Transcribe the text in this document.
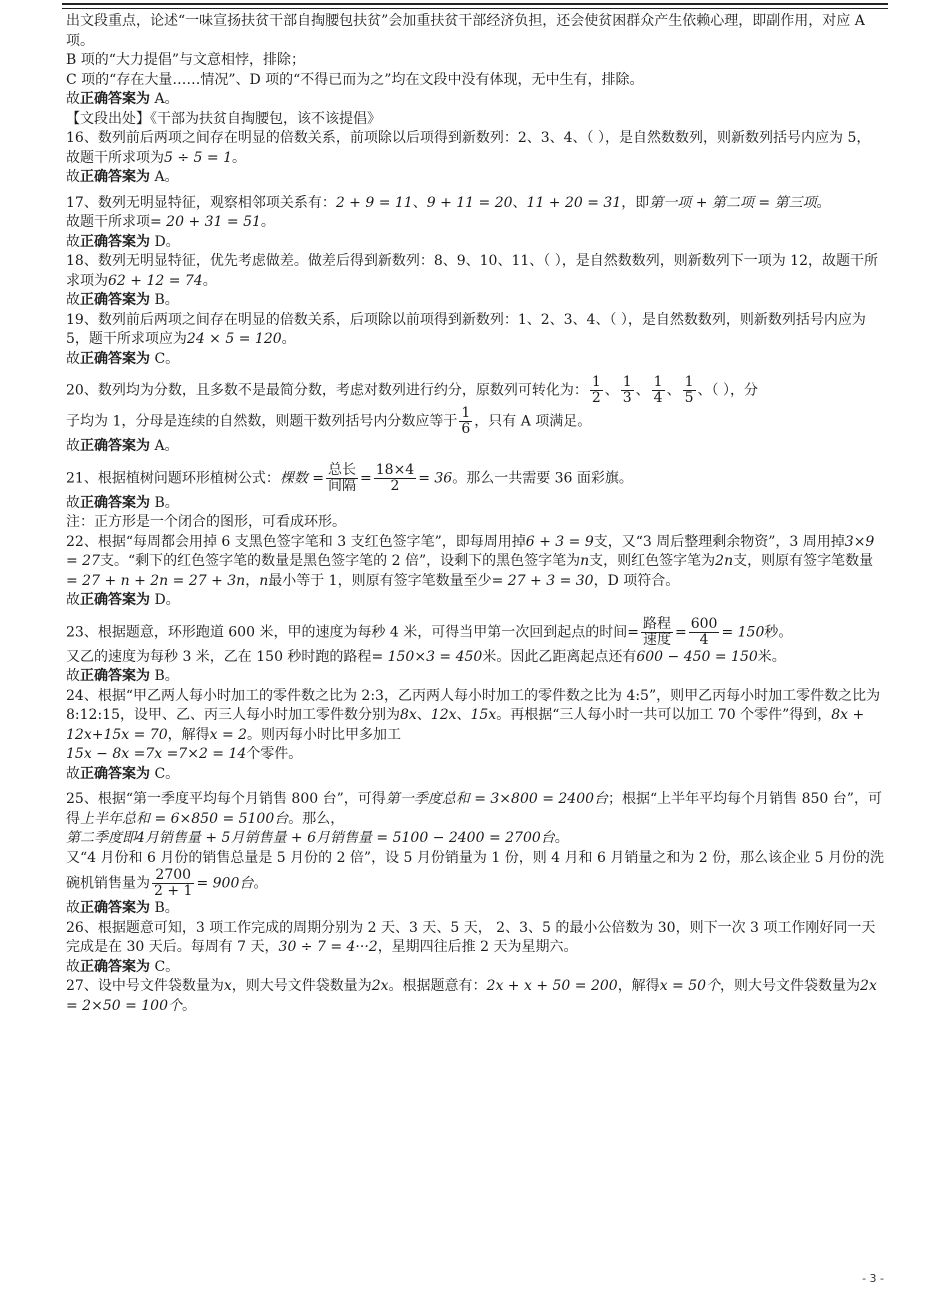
出文段重点，论述“一味宣扬扶贫干部自掏腰包扶贫”会加重扶贫干部经济负担，还会使贫困群众产生依赖心理，即副作用，对应 A 项。

B 项的“大力提倡”与文意相悖，排除；

C 项的“存在大量……情况”、D 项的“不得已而为之”均在文段中没有体现，无中生有，排除。

故正确答案为 A。

【文段出处】《干部为扶贫自掏腰包，该不该提倡》

16、数列前后两项之间存在明显的倍数关系，前项除以后项得到新数列：2、3、4、（ ），是自然数数列，则新数列括号内应为 5，故题干所求项为5 ÷ 5 = 1。

故正确答案为 A。

17、数列无明显特征，观察相邻项关系有：2 + 9 = 11、9 + 11 = 20、11 + 20 = 31，即第一项 + 第二项 = 第三项。

故题干所求项= 20 + 31 = 51。

故正确答案为 D。

18、数列无明显特征，优先考虑做差。做差后得到新数列：8、9、10、11、（ ），是自然数数列，则新数列下一项为 12，故题干所求项为62 + 12 = 74。

故正确答案为 B。

19、数列前后两项之间存在明显的倍数关系，后项除以前项得到新数列：1、2、3、4、（ ），是自然数数列，则新数列括号内应为 5，题干所求项应为24 × 5 = 120。

故正确答案为 C。

20、数列均为分数，且多数不是最简分数，考虑对数列进行约分，原数列可转化为： $\frac{1}{2}$ 、 $\frac{1}{3}$ 、 $\frac{1}{4}$ 、 $\frac{1}{5}$ 、（ ），分

子均为 1，分母是连续的自然数，则题干数列括号内分数应等于 $\frac{1}{6}$ ，只有 A 项满足。

故正确答案为 A。

21、根据植树问题环形植树公式：棵数 = $\frac{\text{总长}}{\text{间隔}} = \frac{18\times 4}{2} = 36$。那么一共需要 36 面彩旗。

故正确答案为 B。

注：正方形是一个闭合的图形，可看成环形。

22、根据“每周都会用掉 6 支黑色签字笔和 3 支红色签字笔”，即每周用掉6 + 3 = 9支，又“3 周后整理剩余物资”，3 周用掉3×9 = 27支。“剩下的红色签字笔的数量是黑色签字笔的 2 倍”，设剩下的黑色签字笔为n支，则红色签字笔为2n支，则原有签字笔数量= 27 + n + 2n = 27 + 3n，n最小等于 1，则原有签字笔数量至少= 27 + 3 = 30，D 项符合。

故正确答案为 D。

23、根据题意，环形跑道 600 米，甲的速度为每秒 4 米，可得当甲第一次回到起点的时间= $\frac{\text{路程}}{\text{速度}} = \frac{600}{4} = 150$秒。

又乙的速度为每秒 3 米，乙在 150 秒时跑的路程= 150×3 = 450米。因此乙距离起点还有600 − 450 = 150米。

故正确答案为 B。

24、根据“甲乙两人每小时加工的零件数之比为 2:3，乙丙两人每小时加工的零件数之比为 4:5”，则甲乙丙每小时加工零件数之比为 8:12:15，设甲、乙、丙三人每小时加工零件数分别为8x、12x、15x。再根据“三人每小时一共可以加工 70 个零件”得到，8x + 12x+15x = 70，解得x = 2。则丙每小时比甲多加工

15x − 8x =7x =7×2 = 14个零件。

故正确答案为 C。

25、根据“第一季度平均每个月销售 800 台”，可得第一季度总和 = 3×800 = 2400台；根据“上半年平均每个月销售 850 台”，可得上半年总和 = 6×850 = 5100台。那么，

第二季度即4月销售量 + 5月销售量 + 6月销售量 = 5100 − 2400 = 2700台。

又“4 月份和 6 月份的销售总量是 5 月份的 2 倍”，设 5 月份销量为 1 份，则 4 月和 6 月销量之和为 2 份，那么该企业 5 月份的洗碗机销售量为 $\frac{2700}{2 + 1} = 900$台。

故正确答案为 B。

26、根据题意可知，3 项工作完成的周期分别为 2 天、3 天、5 天， 2、3、5 的最小公倍数为 30，则下一次 3 项工作刚好同一天完成是在 30 天后。每周有 7 天，30 ÷ 7 = 4···2，星期四往后推 2 天为星期六。

故正确答案为 C。

27、设中号文件袋数量为x，则大号文件袋数量为2x。根据题意有：2x + x + 50 = 200，解得x = 50个，则大号文件袋数量为2x = 2×50 = 100个。

- 3 -
